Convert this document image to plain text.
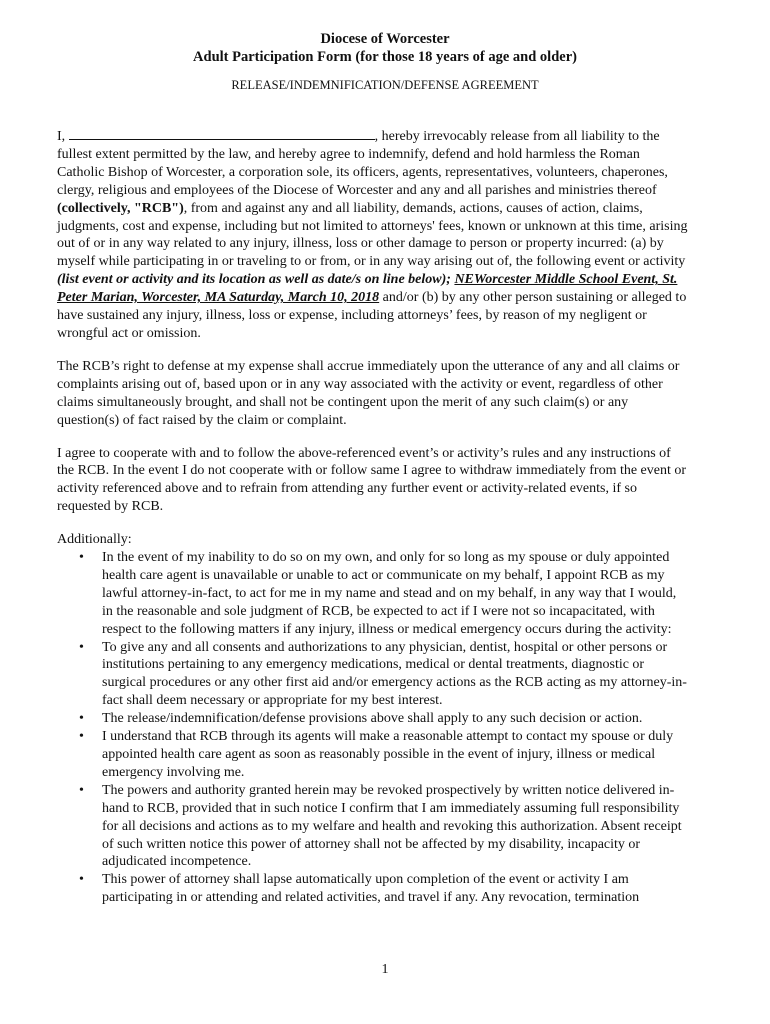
Diocese of Worcester
Adult Participation Form (for those 18 years of age and older)
RELEASE/INDEMNIFICATION/DEFENSE AGREEMENT

I,	, hereby irrevocably release from all liability to the fullest extent permitted by the law, and hereby agree to indemnify, defend and hold harmless the Roman Catholic Bishop of Worcester, a corporation sole, its officers, agents, representatives, volunteers, chaperones, clergy, religious and employees of the Diocese of Worcester and any and all parishes and ministries thereof (collectively, "RCB"), from and against any and all liability, demands, actions, causes of action, claims, judgments, cost and expense, including but not limited to attorneys' fees, known or unknown at this time, arising out of or in any way related to any injury, illness, loss or other damage to person or property incurred: (a) by myself while participating in or traveling to or from, or in any way arising out of, the following event or activity (list event or activity and its location as well as date/s on line below); NEWorcester Middle School Event, St. Peter Marian, Worcester, MA Saturday, March 10, 2018 and/or (b) by any other person sustaining or alleged to have sustained any injury, illness, loss or expense, including attorneys’ fees, by reason of my negligent or wrongful act or omission.

The RCB’s right to defense at my expense shall accrue immediately upon the utterance of any and all claims or complaints arising out of, based upon or in any way associated with the activity or event, regardless of other claims simultaneously brought, and shall not be contingent upon the merit of any such claim(s) or any question(s) of fact raised by the claim or complaint.

I agree to cooperate with and to follow the above-referenced event’s or activity’s rules and any instructions of the RCB. In the event I do not cooperate with or follow same I agree to withdraw immediately from the event or activity referenced above and to refrain from attending any further event or activity-related events, if so requested by RCB.

Additionally:
• In the event of my inability to do so on my own, and only for so long as my spouse or duly appointed health care agent is unavailable or unable to act or communicate on my behalf, I appoint RCB as my lawful attorney-in-fact, to act for me in my name and stead and on my behalf, in any way that I would, in the reasonable and sole judgment of RCB, be expected to act if I were not so incapacitated, with respect to the following matters if any injury, illness or medical emergency occurs during the activity:
• To give any and all consents and authorizations to any physician, dentist, hospital or other persons or institutions pertaining to any emergency medications, medical or dental treatments, diagnostic or surgical procedures or any other first aid and/or emergency actions as the RCB acting as my attorney-in-fact shall deem necessary or appropriate for my best interest.
• The release/indemnification/defense provisions above shall apply to any such decision or action.
• I understand that RCB through its agents will make a reasonable attempt to contact my spouse or duly appointed health care agent as soon as reasonably possible in the event of injury, illness or medical emergency involving me.
• The powers and authority granted herein may be revoked prospectively by written notice delivered in-hand to RCB, provided that in such notice I confirm that I am immediately assuming full responsibility for all decisions and actions as to my welfare and health and revoking this authorization. Absent receipt of such written notice this power of attorney shall not be affected by my disability, incapacity or adjudicated incompetence.
• This power of attorney shall lapse automatically upon completion of the event or activity I am participating in or attending and related activities, and travel if any. Any revocation, termination
1
